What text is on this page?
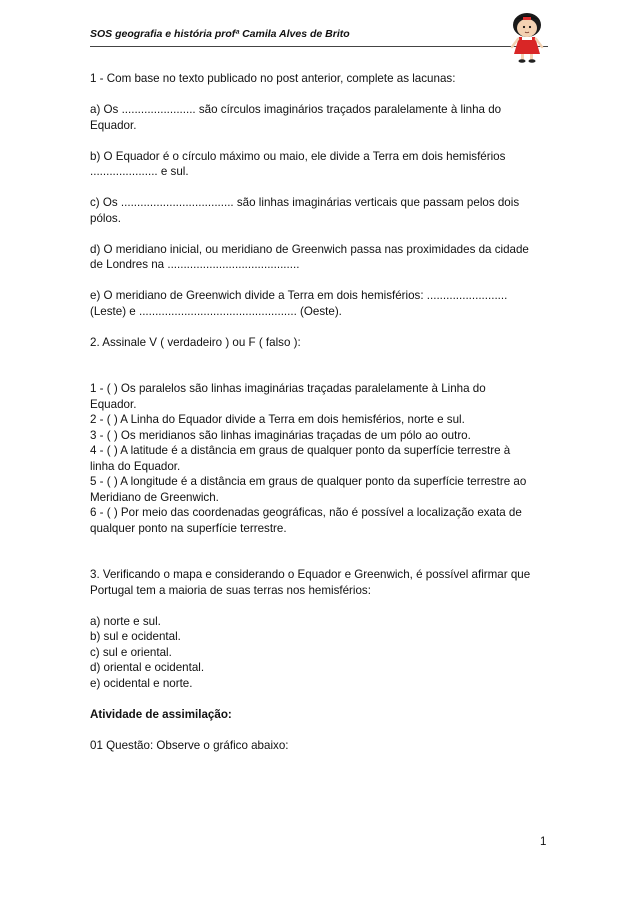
SOS geografia e história profª Camila Alves de Brito

1 - Com base no texto publicado no post anterior, complete as lacunas:

a) Os ....................... são círculos imaginários traçados paralelamente à linha do

Equador.

b) O Equador é o círculo máximo ou maio, ele divide a Terra em dois hemisférios

..................... e sul.

c) Os ................................... são linhas imaginárias verticais que passam pelos dois

pólos.

d) O meridiano inicial, ou meridiano de Greenwich passa nas proximidades da cidade

de Londres na .........................................

e) O meridiano de Greenwich divide a Terra em dois hemisférios: .........................

(Leste) e ................................................. (Oeste).

2. Assinale V ( verdadeiro ) ou F ( falso ):

1 - ( ) Os paralelos são linhas imaginárias traçadas paralelamente à Linha do

Equador.

2 - ( ) A Linha do Equador divide a Terra em dois hemisférios, norte e sul.

3 - ( ) Os meridianos são linhas imaginárias traçadas de um pólo ao outro.

4 - ( ) A latitude é a distância em graus de qualquer ponto da superfície terrestre à

linha do Equador.

5 - ( ) A longitude é a distância em graus de qualquer ponto da superfície terrestre ao

Meridiano de Greenwich.

6 - ( ) Por meio das coordenadas geográficas, não é possível a localização exata de

qualquer ponto na superfície terrestre.

3. Verificando o mapa e considerando o Equador e Greenwich, é possível afirmar que

Portugal tem a maioria de suas terras nos hemisférios:

a) norte e sul.

b) sul e ocidental.

c) sul e oriental.

d) oriental e ocidental.

e) ocidental e norte.

Atividade de assimilação:

01 Questão: Observe o gráfico abaixo:

1
